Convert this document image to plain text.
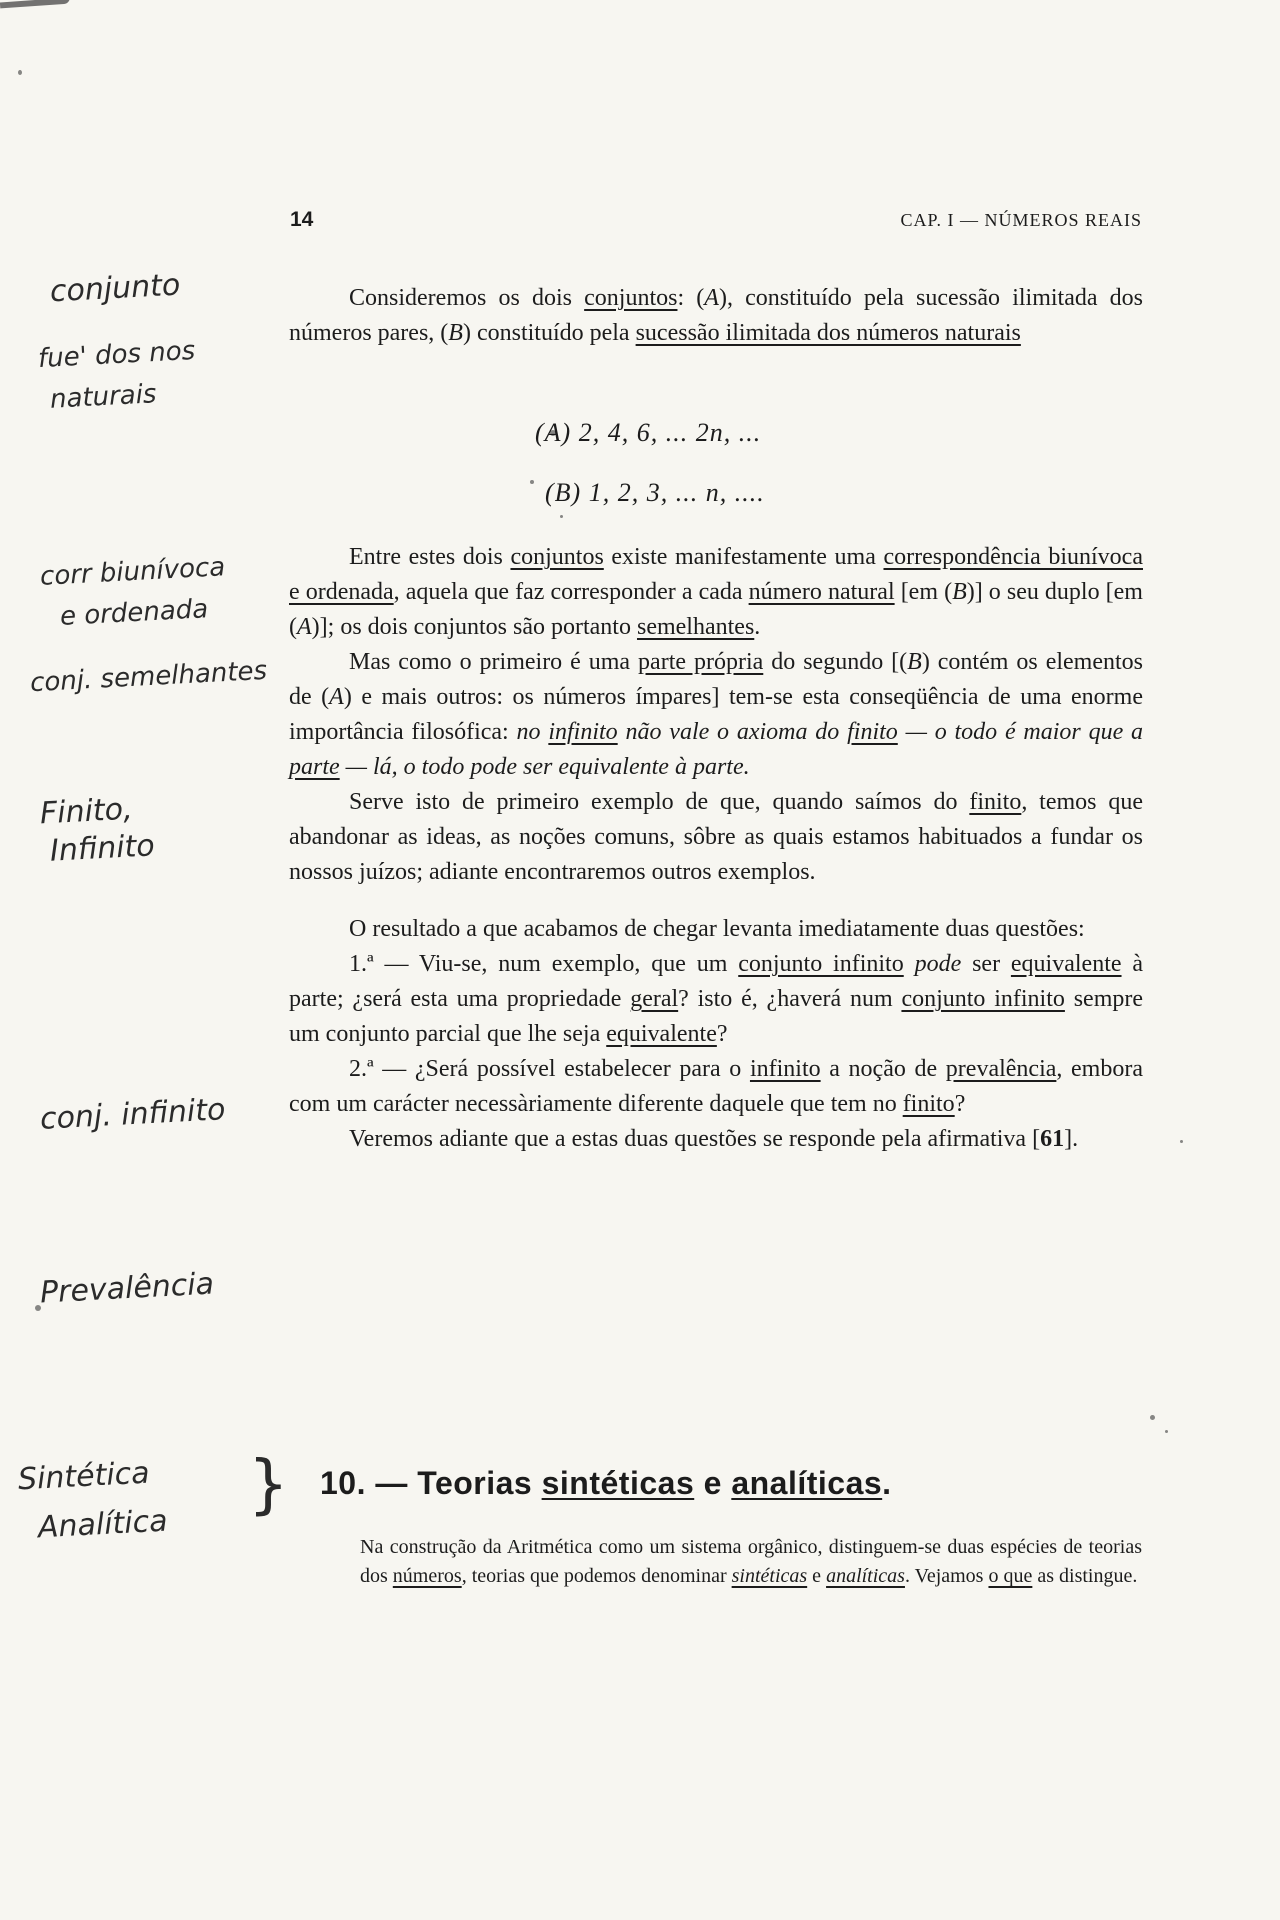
14	CAP. I — NÚMEROS REAIS

Consideremos os dois conjuntos: (A), constituído pela sucessão ilimitada dos números pares, (B) constituído pela sucessão ilimitada dos números naturais

(A) 2, 4, 6, ... 2n, ...
(B) 1, 2, 3, ... n, ....

Entre estes dois conjuntos existe manifestamente uma correspondência biunívoca e ordenada, aquela que faz corresponder a cada número natural [em (B)] o seu duplo [em (A)]; os dois conjuntos são portanto semelhantes.

Mas como o primeiro é uma parte própria do segundo [(B) contém os elementos de (A) e mais outros: os números ímpares] tem-se esta conseqüência de uma enorme importância filosófica: no infinito não vale o axioma do finito — o todo é maior que a parte — lá, o todo pode ser equivalente à parte.

Serve isto de primeiro exemplo de que, quando saímos do finito, temos que abandonar as ideas, as noções comuns, sôbre as quais estamos habituados a fundar os nossos juízos; adiante encontraremos outros exemplos.

O resultado a que acabamos de chegar levanta imediatamente duas questões:

1.ª — Viu-se, num exemplo, que um conjunto infinito pode ser equivalente à parte; ¿será esta uma propriedade geral? isto é, ¿haverá num conjunto infinito sempre um conjunto parcial que lhe seja equivalente?

2.ª — ¿Será possível estabelecer para o infinito a noção de prevalência, embora com um carácter necessàriamente diferente daquele que tem no finito?

Veremos adiante que a estas duas questões se responde pela afirmativa [61].

10. — Teorias sintéticas e analíticas.
Na construção da Aritmética como um sistema orgânico, distinguem-se duas espécies de teorias dos números, teorias que podemos denominar sintéticas e analíticas. Vejamos o que as distingue.
conjunto
fue' dos nos
naturais
corr biunívoca
e ordenada
conj. semelhantes
Finito,
Infinito
conj. infinito
Prevalência
Sintética
Analítica
}
